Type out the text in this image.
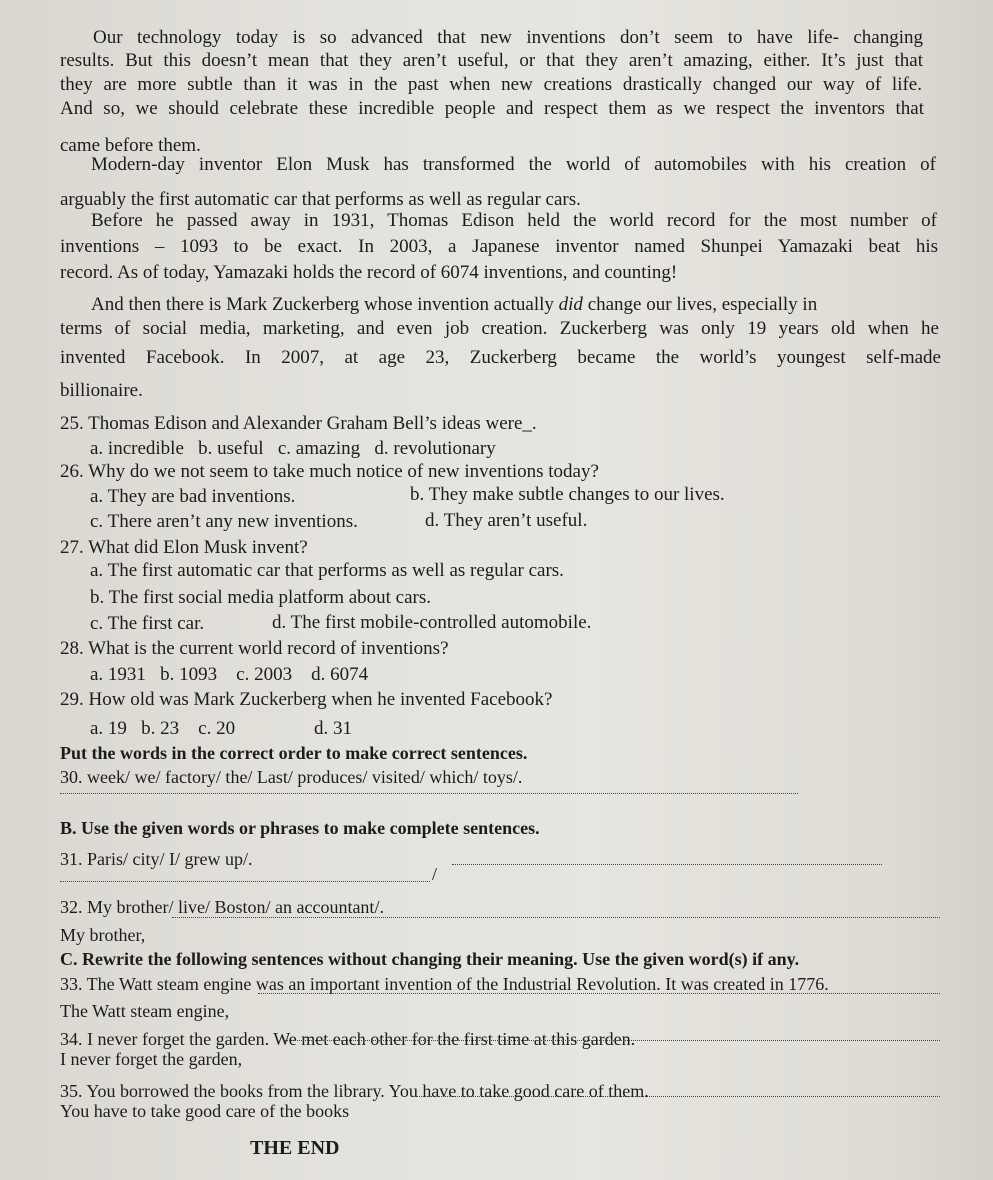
Our technology today is so advanced that new inventions don’t seem to have life- changing
results. But this doesn’t mean that they aren’t useful, or that they aren’t amazing, either. It’s just that
they are more subtle than it was in the past when new creations drastically changed our way of life.
And so, we should celebrate these incredible people and respect them as we respect the inventors that
came before them.
Modern-day inventor Elon Musk has transformed the world of automobiles with his creation of
arguably the first automatic car that performs as well as regular cars.
Before he passed away in 1931, Thomas Edison held the world record for the most number of
inventions – 1093 to be exact. In 2003, a Japanese inventor named Shunpei Yamazaki beat his
record. As of today, Yamazaki holds the record of 6074 inventions, and counting!
And then there is Mark Zuckerberg whose invention actually did change our lives, especially in
terms of social media, marketing, and even job creation. Zuckerberg was only 19 years old when he
invented Facebook. In 2007, at age 23, Zuckerberg became the world’s youngest self-made
billionaire.
25. Thomas Edison and Alexander Graham Bell’s ideas were_.
a. incredible   b. useful   c. amazing   d. revolutionary
26. Why do we not seem to take much notice of new inventions today?
a. They are bad inventions.	b. They make subtle changes to our lives.
c. There aren’t any new inventions.	d. They aren’t useful.
27. What did Elon Musk invent?
a. The first automatic car that performs as well as regular cars.
b. The first social media platform about cars.
c. The first car.	d. The first mobile-controlled automobile.
28. What is the current world record of inventions?
a. 1931   b. 1093    c. 2003    d. 6074
29. How old was Mark Zuckerberg when he invented Facebook?
a. 19   b. 23    c. 20	d. 31
Put the words in the correct order to make correct sentences.
30. week/ we/ factory/ the/ Last/ produces/ visited/ which/ toys/.
B. Use the given words or phrases to make complete sentences.
31. Paris/ city/ I/ grew up/.
/
32. My brother/ live/ Boston/ an accountant/.
My brother,
C. Rewrite the following sentences without changing their meaning. Use the given word(s) if any.
33. The Watt steam engine was an important invention of the Industrial Revolution. It was created in 1776.
The Watt steam engine,
34. I never forget the garden. We met each other for the first time at this garden.
I never forget the garden,
35. You borrowed the books from the library. You have to take good care of them.
You have to take good care of the books
THE END
